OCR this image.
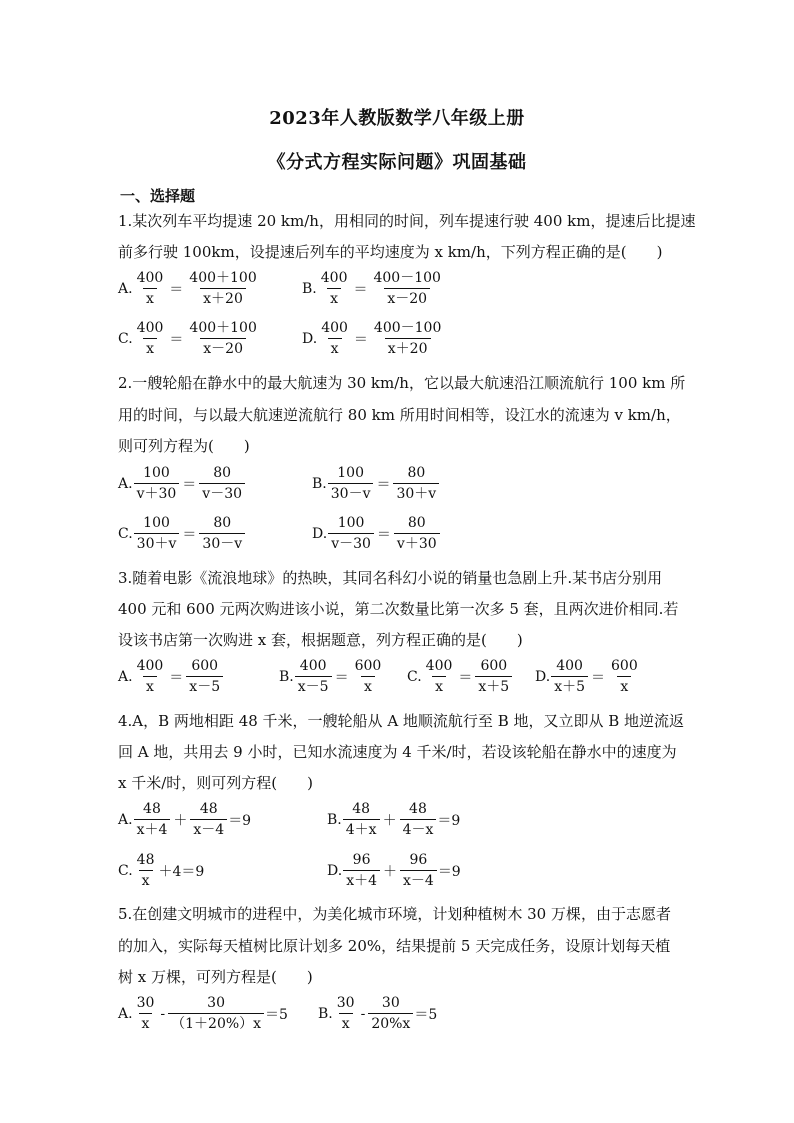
2023年人教版数学八年级上册
《分式方程实际问题》巩固基础
一、选择题
1.某次列车平均提速 20 km/h，用相同的时间，列车提速行驶 400 km，提速后比提速
前多行驶 100km，设提速后列车的平均速度为 x km/h，下列方程正确的是(　　)
A. $\frac{400}{x} = \frac{400+100}{x+20}$	B. $\frac{400}{x} = \frac{400-100}{x-20}$
C. $\frac{400}{x} = \frac{400+100}{x-20}$	D. $\frac{400}{x} = \frac{400-100}{x+20}$
2.一艘轮船在静水中的最大航速为 30 km/h，它以最大航速沿江顺流航行 100 km 所
用的时间，与以最大航速逆流航行 80 km 所用时间相等，设江水的流速为 v km/h，
则可列方程为(　　)
A. $\frac{100}{v+30} = \frac{80}{v-30}$	B. $\frac{100}{30-v} = \frac{80}{30+v}$
C. $\frac{100}{30+v} = \frac{80}{30-v}$	D. $\frac{100}{v-30} = \frac{80}{v+30}$
3.随着电影《流浪地球》的热映，其同名科幻小说的销量也急剧上升.某书店分别用
400 元和 600 元两次购进该小说，第二次数量比第一次多 5 套，且两次进价相同.若
设该书店第一次购进 x 套，根据题意，列方程正确的是(　　)
A. $\frac{400}{x} = \frac{600}{x-5}$	B. $\frac{400}{x-5} = \frac{600}{x} C$. $\frac{400}{x} = \frac{600}{x+5} D$. $\frac{400}{x+5} = \frac{600}{x}$
4.A，B 两地相距 48 千米，一艘轮船从 A 地顺流航行至 B 地，又立即从 B 地逆流返
回 A 地，共用去 9 小时，已知水流速度为 4 千米/时，若设该轮船在静水中的速度为
x 千米/时，则可列方程(　　)
A. $\frac{48}{x+4} + \frac{48}{x-4} =9$	B. $\frac{48}{4+x} + \frac{48}{4-x} =9$
C. $\frac{48}{x} +4=9$	D. $\frac{96}{x+4} + \frac{96}{x-4} =9$
5.在创建文明城市的进程中，为美化城市环境，计划种植树木 30 万棵，由于志愿者
的加入，实际每天植树比原计划多 20%，结果提前 5 天完成任务，设原计划每天植
树 x 万棵，可列方程是(　　)
A. $\frac{30}{x} - \frac{30}{(1+20\%)x} =5$ B. $\frac{30}{x} - \frac{30}{20\%x} =5$
